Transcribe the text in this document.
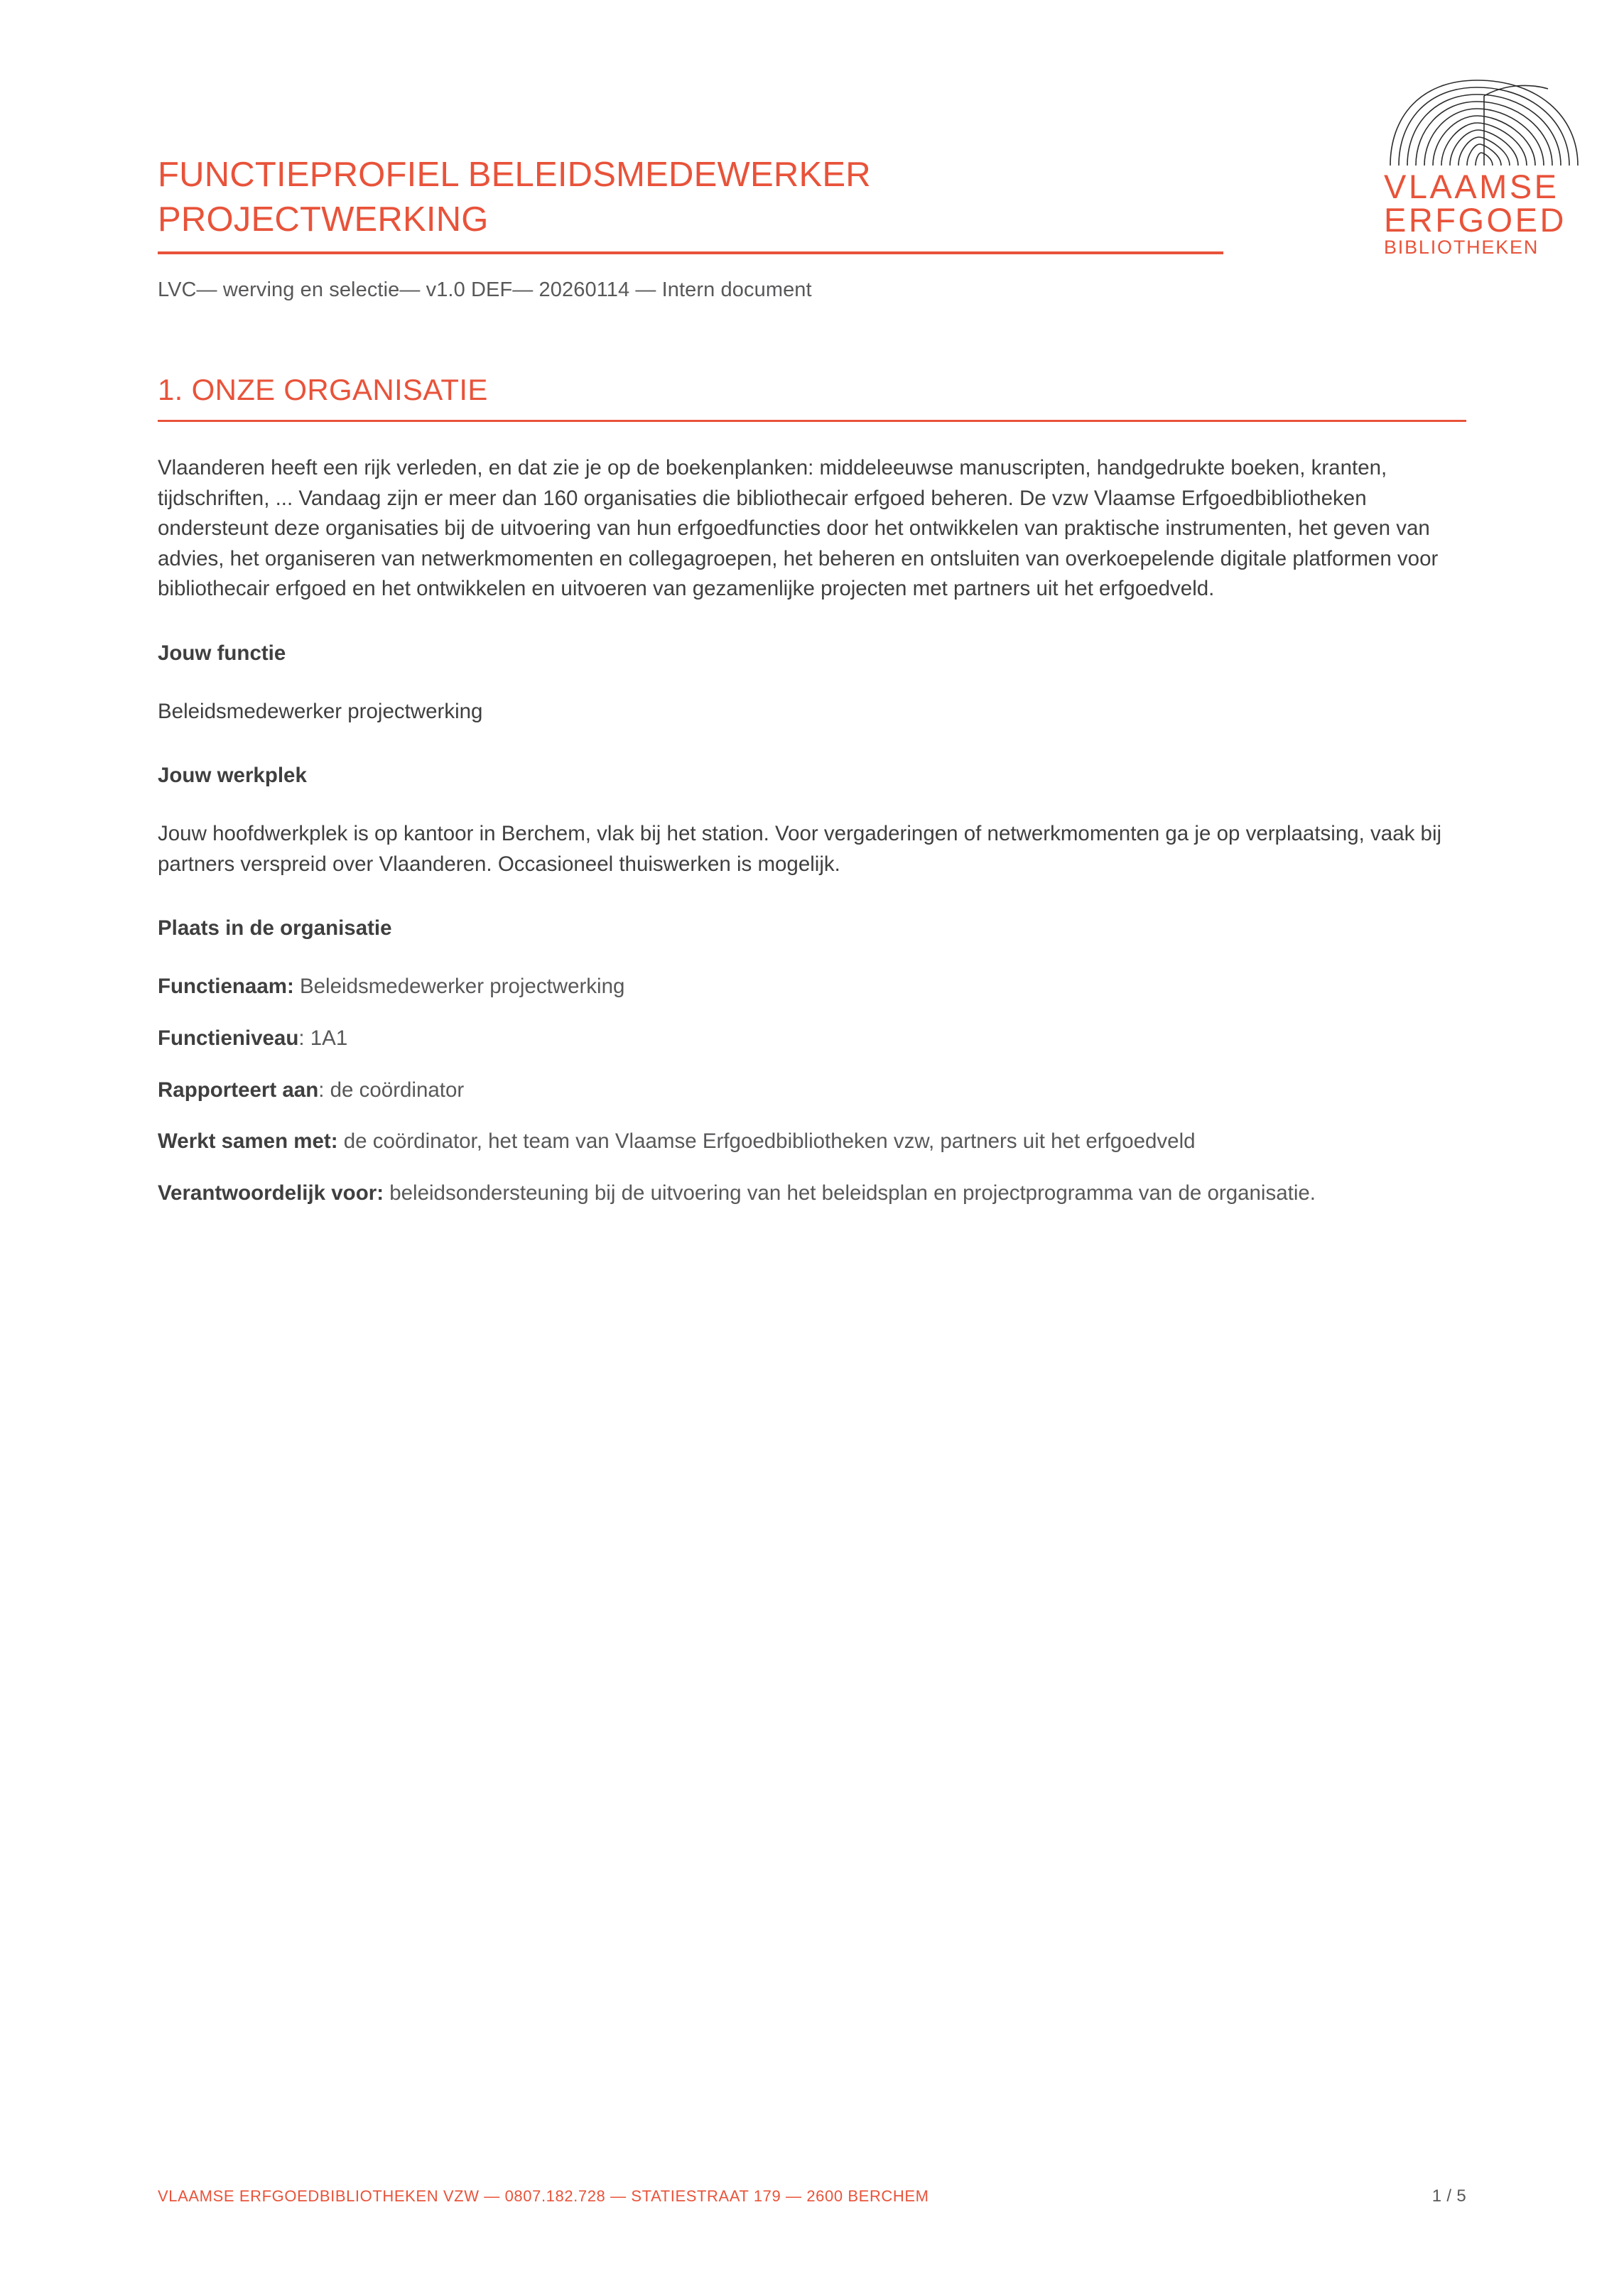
FUNCTIEPROFIEL BELEIDSMEDEWERKER PROJECTWERKING
LVC— werving en selectie— v1.0 DEF— 20260114 — Intern document
1. ONZE ORGANISATIE
Vlaanderen heeft een rijk verleden, en dat zie je op de boekenplanken: middeleeuwse manuscripten, handgedrukte boeken, kranten, tijdschriften, ... Vandaag zijn er meer dan 160 organisaties die bibliothecair erfgoed beheren. De vzw Vlaamse Erfgoedbibliotheken ondersteunt deze organisaties bij de uitvoering van hun erfgoedfuncties door het ontwikkelen van praktische instrumenten, het geven van advies, het organiseren van netwerkmomenten en collegagroepen, het beheren en ontsluiten van overkoepelende digitale platformen voor bibliothecair erfgoed en het ontwikkelen en uitvoeren van gezamenlijke projecten met partners uit het erfgoedveld.
Jouw functie
Beleidsmedewerker projectwerking
Jouw werkplek
Jouw hoofdwerkplek is op kantoor in Berchem, vlak bij het station. Voor vergaderingen of netwerkmomenten ga je op verplaatsing, vaak bij partners verspreid over Vlaanderen. Occasioneel thuiswerken is mogelijk.
Plaats in de organisatie
Functienaam: Beleidsmedewerker projectwerking
Functieniveau: 1A1
Rapporteert aan: de coördinator
Werkt samen met: de coördinator, het team van Vlaamse Erfgoedbibliotheken vzw, partners uit het erfgoedveld
Verantwoordelijk voor: beleidsondersteuning bij de uitvoering van het beleidsplan en projectprogramma van de organisatie.
VLAAMSE
ERFGOED
BIBLIOTHEKEN
VLAAMSE ERFGOEDBIBLIOTHEKEN VZW — 0807.182.728 — STATIESTRAAT 179 — 2600 BERCHEM	1 / 5
